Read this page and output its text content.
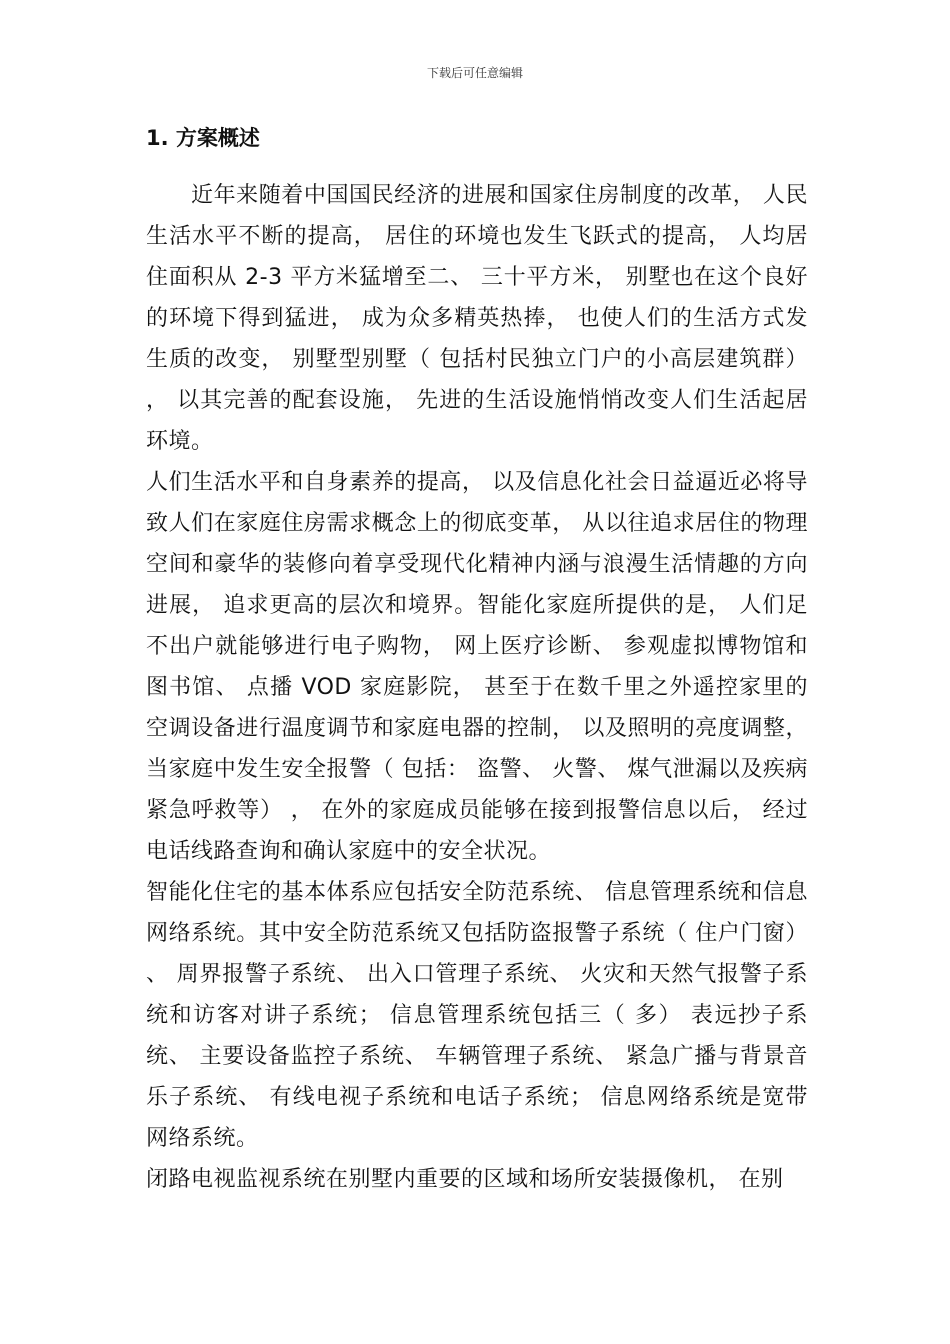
下载后可任意编辑
1. 方案概述

近年来随着中国国民经济的进展和国家住房制度的改革， 人民生活水平不断的提高， 居住的环境也发生飞跃式的提高， 人均居住面积从 2-3 平方米猛增至二、 三十平方米， 别墅也在这个良好的环境下得到猛进， 成为众多精英热捧， 也使人们的生活方式发生质的改变， 别墅型别墅（ 包括村民独立门户的小高层建筑群） ， 以其完善的配套设施， 先进的生活设施悄悄改变人们生活起居环境。

人们生活水平和自身素养的提高， 以及信息化社会日益逼近必将导致人们在家庭住房需求概念上的彻底变革， 从以往追求居住的物理空间和豪华的装修向着享受现代化精神内涵与浪漫生活情趣的方向进展， 追求更高的层次和境界。智能化家庭所提供的是， 人们足不出户就能够进行电子购物， 网上医疗诊断、 参观虚拟博物馆和图书馆、 点播 VOD 家庭影院， 甚至于在数千里之外遥控家里的空调设备进行温度调节和家庭电器的控制， 以及照明的亮度调整， 当家庭中发生安全报警（ 包括： 盗警、 火警、 煤气泄漏以及疾病紧急呼救等） ， 在外的家庭成员能够在接到报警信息以后， 经过电话线路查询和确认家庭中的安全状况。

智能化住宅的基本体系应包括安全防范系统、 信息管理系统和信息网络系统。其中安全防范系统又包括防盗报警子系统（ 住户门窗） 、 周界报警子系统、 出入口管理子系统、 火灾和天然气报警子系统和访客对讲子系统； 信息管理系统包括三（ 多） 表远抄子系统、 主要设备监控子系统、 车辆管理子系统、 紧急广播与背景音乐子系统、 有线电视子系统和电话子系统； 信息网络系统是宽带网络系统。

闭路电视监视系统在别墅内重要的区域和场所安装摄像机， 在别
